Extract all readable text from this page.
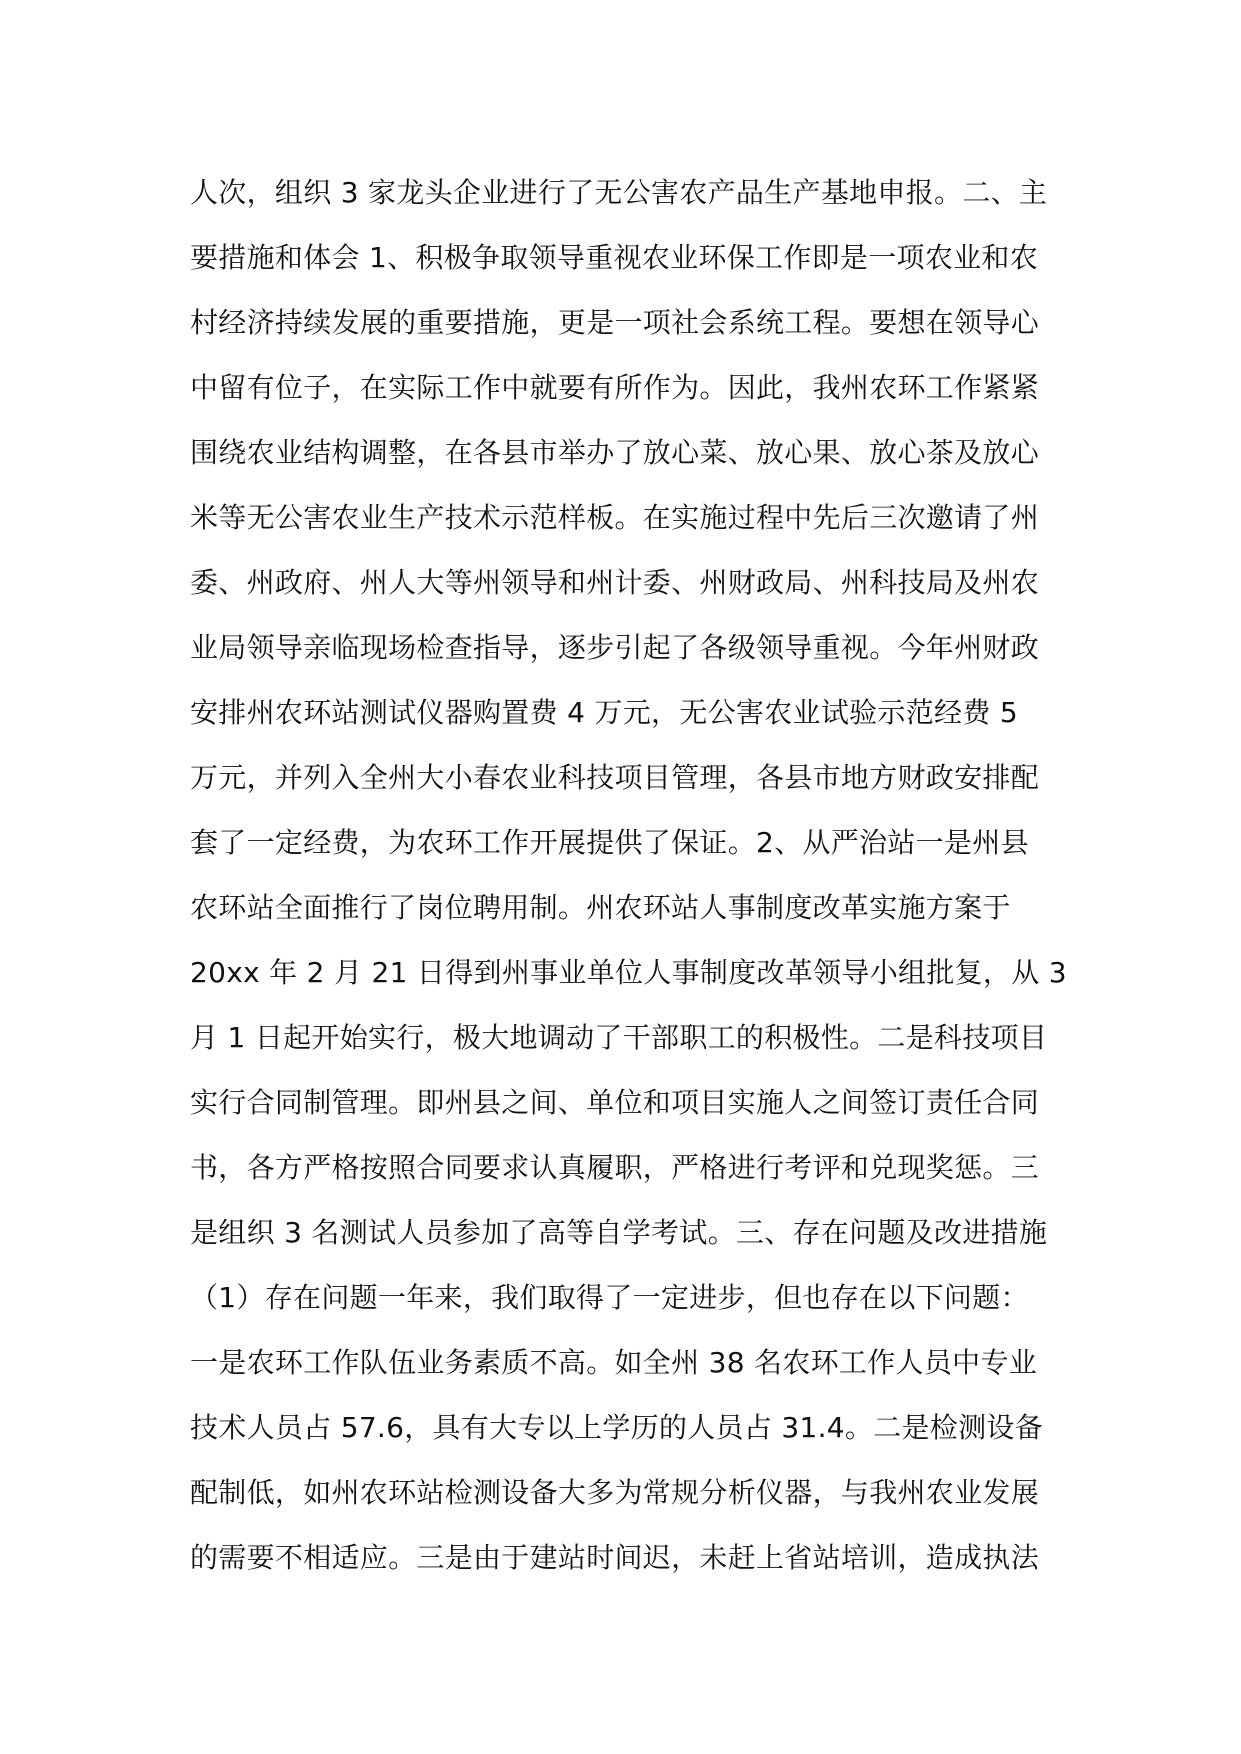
人次，组织 3 家龙头企业进行了无公害农产品生产基地申报。二、主
要措施和体会 1、积极争取领导重视农业环保工作即是一项农业和农
村经济持续发展的重要措施，更是一项社会系统工程。要想在领导心
中留有位子，在实际工作中就要有所作为。因此，我州农环工作紧紧
围绕农业结构调整，在各县市举办了放心菜、放心果、放心茶及放心
米等无公害农业生产技术示范样板。在实施过程中先后三次邀请了州
委、州政府、州人大等州领导和州计委、州财政局、州科技局及州农
业局领导亲临现场检查指导，逐步引起了各级领导重视。今年州财政
安排州农环站测试仪器购置费 4 万元，无公害农业试验示范经费 5
万元，并列入全州大小春农业科技项目管理，各县市地方财政安排配
套了一定经费，为农环工作开展提供了保证。2、从严治站一是州县
农环站全面推行了岗位聘用制。州农环站人事制度改革实施方案于
20xx 年 2 月 21 日得到州事业单位人事制度改革领导小组批复，从 3
月 1 日起开始实行，极大地调动了干部职工的积极性。二是科技项目
实行合同制管理。即州县之间、单位和项目实施人之间签订责任合同
书，各方严格按照合同要求认真履职，严格进行考评和兑现奖惩。三
是组织 3 名测试人员参加了高等自学考试。三、存在问题及改进措施
（1）存在问题一年来，我们取得了一定进步，但也存在以下问题：
一是农环工作队伍业务素质不高。如全州 38 名农环工作人员中专业
技术人员占 57.6，具有大专以上学历的人员占 31.4。二是检测设备
配制低，如州农环站检测设备大多为常规分析仪器，与我州农业发展
的需要不相适应。三是由于建站时间迟，未赶上省站培训，造成执法
